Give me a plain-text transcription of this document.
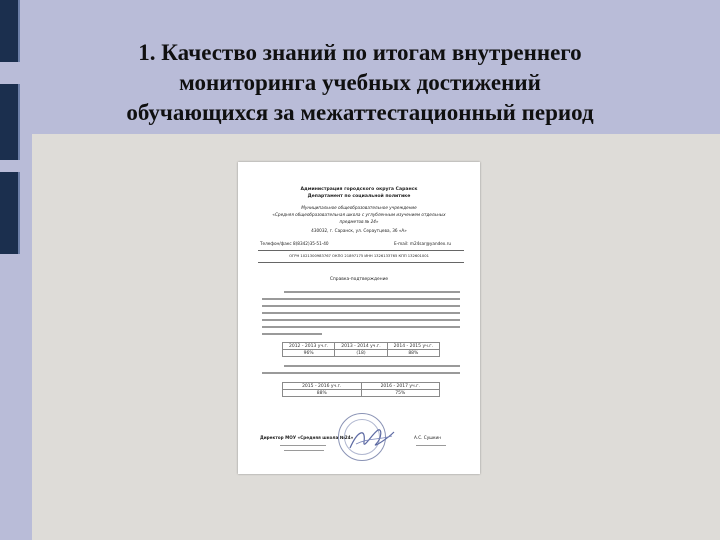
1. Качество знаний по итогам внутреннего
мониторинга учебных достижений
обучающихся за межаттестационный период
Администрация городского округа Саранск
Департамент по социальной политике
Муниципальное общеобразовательное учреждение
«Средняя общеобразовательная школа с углубленным изучением отдельных
предметов № 24»
430032, г. Саранск, ул. Сераутцева, 36 «А»
Телефон/факс 8(8342)35-51-40	E-mail: m24sar@yandex.ru
ОГРН 1021300983767 ОКПО 21897175 ИНН 1326133765 КПП 132601001
Справка-подтверждение
2012 - 2013 уч.г.	2013 - 2014 уч.г.	2014 - 2015 уч.г.
96%	(18)	88%
2015 - 2016 уч.г.	2016 - 2017 уч.г.
88%	75%
Директор МОУ «Средняя школа №24»	А.С. Сушкин
